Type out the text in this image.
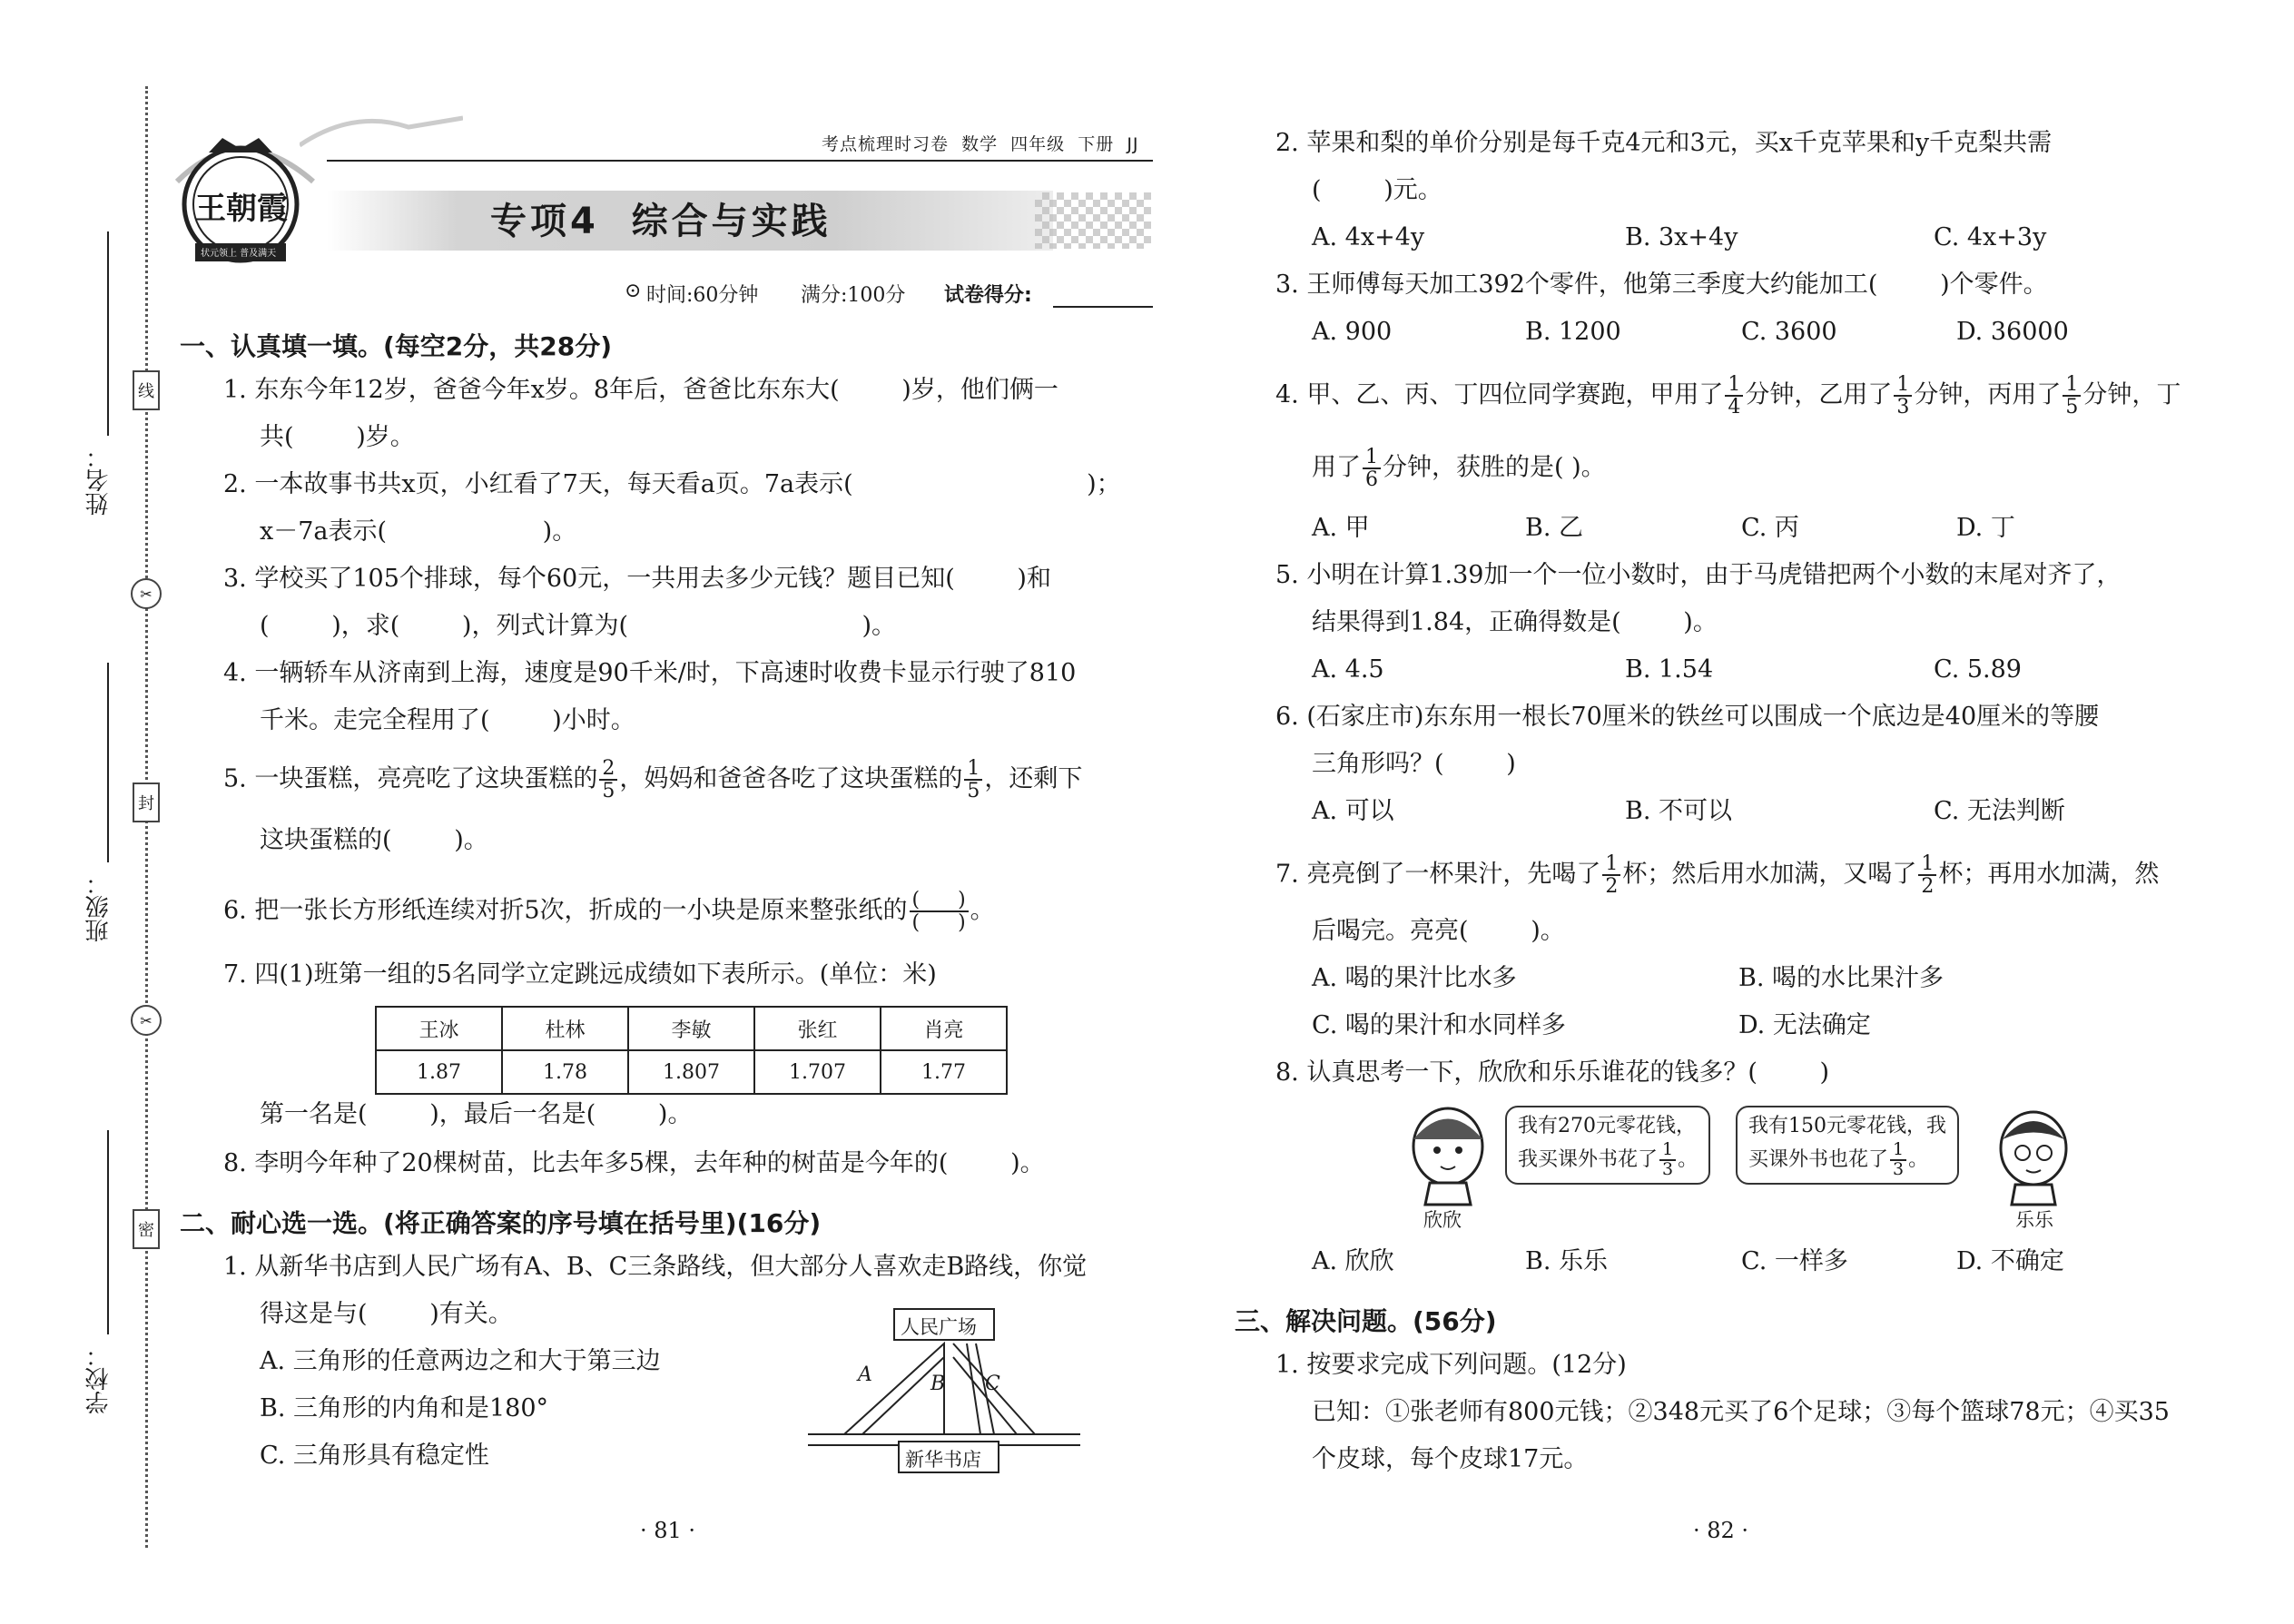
姓名：
班级：
学校：
线
封
密
✂
✂
王朝霞
状元领上 普及满天
考点梳理时习卷  数学  四年级  下册  JJ
专项4  综合与实践
⊙ 时间:60分钟 满分:100分 试卷得分:
一、认真填一填。(每空2分，共28分)
1. 东东今年12岁，爸爸今年x岁。8年后，爸爸比东东大(        )岁，他们俩一
共(        )岁。
2. 一本故事书共x页，小红看了7天，每天看a页。7a表示(                              )；
x－7a表示(                    )。
3. 学校买了105个排球，每个60元，一共用去多少元钱？题目已知(        )和
(        )，求(        )，列式计算为(                              )。
4. 一辆轿车从济南到上海，速度是90千米/时，下高速时收费卡显示行驶了810
千米。走完全程用了(        )小时。
5. 一块蛋糕，亮亮吃了这块蛋糕的 $\frac{2}{5}$ ，妈妈和爸爸各吃了这块蛋糕的 $\frac{1}{5}$ ，还剩下
这块蛋糕的(        )。
6. 把一张长方形纸连续对折5次，折成的一小块是原来整张纸的 $\frac{( )}{( )}$ 。
7. 四(1)班第一组的5名同学立定跳远成绩如下表所示。(单位：米)
王冰	杜林	李敏	张红	肖亮
1.87	1.78	1.807	1.707	1.77
第一名是(        )，最后一名是(        )。
8. 李明今年种了20棵树苗，比去年多5棵，去年种的树苗是今年的(        )。
二、耐心选一选。(将正确答案的序号填在括号里)(16分)
1. 从新华书店到人民广场有A、B、C三条路线，但大部分人喜欢走B路线，你觉
得这是与(        )有关。
A. 三角形的任意两边之和大于第三边
B. 三角形的内角和是180°
C. 三角形具有稳定性
人民广场
新华书店
A	B C
· 81 ·
2. 苹果和梨的单价分别是每千克4元和3元，买x千克苹果和y千克梨共需
(        )元。
A. 4x+4y	B. 3x+4y	C. 4x+3y
3. 王师傅每天加工392个零件，他第三季度大约能加工(        )个零件。
A. 900	B. 1200	C. 3600	D. 36000
4. 甲、乙、丙、丁四位同学赛跑，甲用了 $\frac{1}{4}$ 分钟，乙用了 $\frac{1}{3}$ 分钟，丙用了 $\frac{1}{5}$ 分钟，丁
用了 $\frac{1}{6}$ 分钟，获胜的是( )。
A. 甲	B. 乙	C. 丙	D. 丁
5. 小明在计算1.39加一个一位小数时，由于马虎错把两个小数的末尾对齐了，
结果得到1.84，正确得数是(        )。
A. 4.5	B. 1.54	C. 5.89
6. (石家庄市)东东用一根长70厘米的铁丝可以围成一个底边是40厘米的等腰
三角形吗？(        )
A. 可以	B. 不可以	C. 无法判断
7. 亮亮倒了一杯果汁，先喝了 $\frac{1}{2}$ 杯；然后用水加满，又喝了 $\frac{1}{2}$ 杯；再用水加满，然
后喝完。亮亮(        )。
A. 喝的果汁比水多	B. 喝的水比果汁多
C. 喝的果汁和水同样多	D. 无法确定
8. 认真思考一下，欣欣和乐乐谁花的钱多？(        )
欣欣
我有270元零花钱，
我买课外书花了 $\frac{1}{3}$ 。
我有150元零花钱，我
买课外书也花了 $\frac{1}{3}$ 。
乐乐
A. 欣欣	B. 乐乐	C. 一样多	D. 不确定
三、解决问题。(56分)
1. 按要求完成下列问题。(12分)
已知：①张老师有800元钱；②348元买了6个足球；③每个篮球78元；④买35
个皮球，每个皮球17元。
· 82 ·
